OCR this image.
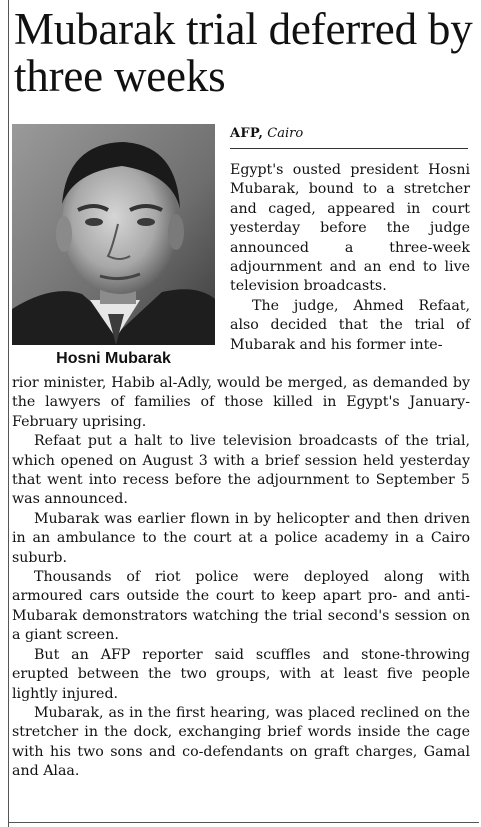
Mubarak trial deferred by three weeks
Hosni Mubarak
AFP, Cairo

Egypt's ousted president Hosni Mubarak, bound to a stretcher and caged, appeared in court yesterday before the judge announced a three-week adjournment and an end to live television broadcasts.

The judge, Ahmed Refaat, also decided that the trial of Mubarak and his former inte-

rior minister, Habib al-Adly, would be merged, as demanded by the lawyers of families of those killed in Egypt's January-February uprising.

Refaat put a halt to live television broadcasts of the trial, which opened on August 3 with a brief session held yesterday that went into recess before the adjournment to September 5 was announced.

Mubarak was earlier flown in by helicopter and then driven in an ambulance to the court at a police academy in a Cairo suburb.

Thousands of riot police were deployed along with armoured cars outside the court to keep apart pro- and anti-Mubarak demonstrators watching the trial second's session on a giant screen.

But an AFP reporter said scuffles and stone-throwing erupted between the two groups, with at least five people lightly injured.

Mubarak, as in the first hearing, was placed reclined on the stretcher in the dock, exchanging brief words inside the cage with his two sons and co-defendants on graft charges, Gamal and Alaa.
